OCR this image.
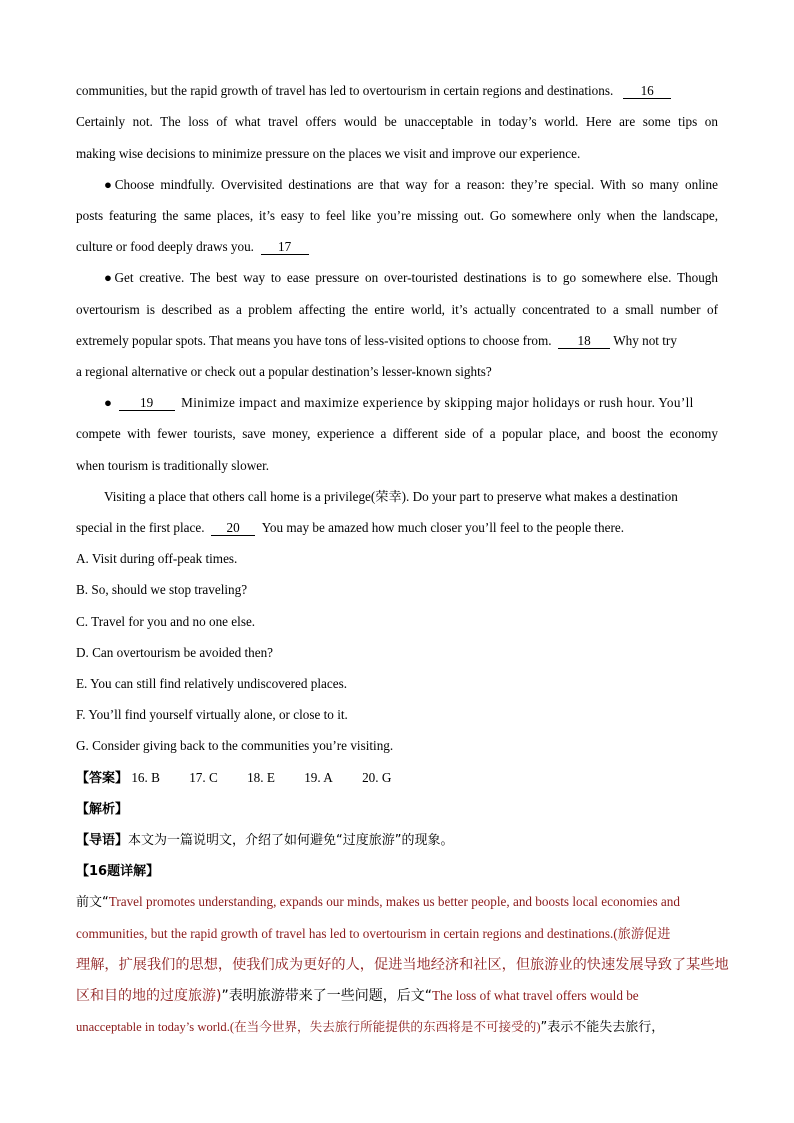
communities, but the rapid growth of travel has led to overtourism in certain regions and destinations. 16
Certainly not. The loss of what travel offers would be unacceptable in today’s world. Here are some tips on
making wise decisions to minimize pressure on the places we visit and improve our experience.
●Choose mindfully. Overvisited destinations are that way for a reason: they’re special. With so many online
posts featuring the same places, it’s easy to feel like you’re missing out. Go somewhere only when the landscape,
culture or food deeply draws you. 17
●Get creative. The best way to ease pressure on over-touristed destinations is to go somewhere else. Though
overtourism is described as a problem affecting the entire world, it’s actually concentrated to a small number of
extremely popular spots. That means you have tons of less-visited options to choose from. 18 Why not try
a regional alternative or check out a popular destination’s lesser-known sights?
● 19 Minimize impact and maximize experience by skipping major holidays or rush hour. You’ll
compete with fewer tourists, save money, experience a different side of a popular place, and boost the economy
when tourism is traditionally slower.
Visiting a place that others call home is a privilege(荣幸). Do your part to preserve what makes a destination
special in the first place. 20 You may be amazed how much closer you’ll feel to the people there.
A. Visit during off-peak times.
B. So, should we stop traveling?
C. Travel for you and no one else.
D. Can overtourism be avoided then?
E. You can still find relatively undiscovered places.
F. You’ll find yourself virtually alone, or close to it.
G. Consider giving back to the communities you’re visiting.
【答案】 16. B 17. C 18. E 19. A 20. G
【解析】
【导语】本文为一篇说明文，介绍了如何避免“过度旅游”的现象。
【16题详解】
前文“Travel promotes understanding, expands our minds, makes us better people, and boosts local economies and
communities, but the rapid growth of travel has led to overtourism in certain regions and destinations.(旅游促进
理解，扩展我们的思想，使我们成为更好的人，促进当地经济和社区，但旅游业的快速发展导致了某些地
区和目的地的过度旅游)”表明旅游带来了一些问题，后文“The loss of what travel offers would be
unacceptable in today’s world.(在当今世界，失去旅行所能提供的东西将是不可接受的)”表示不能失去旅行，
